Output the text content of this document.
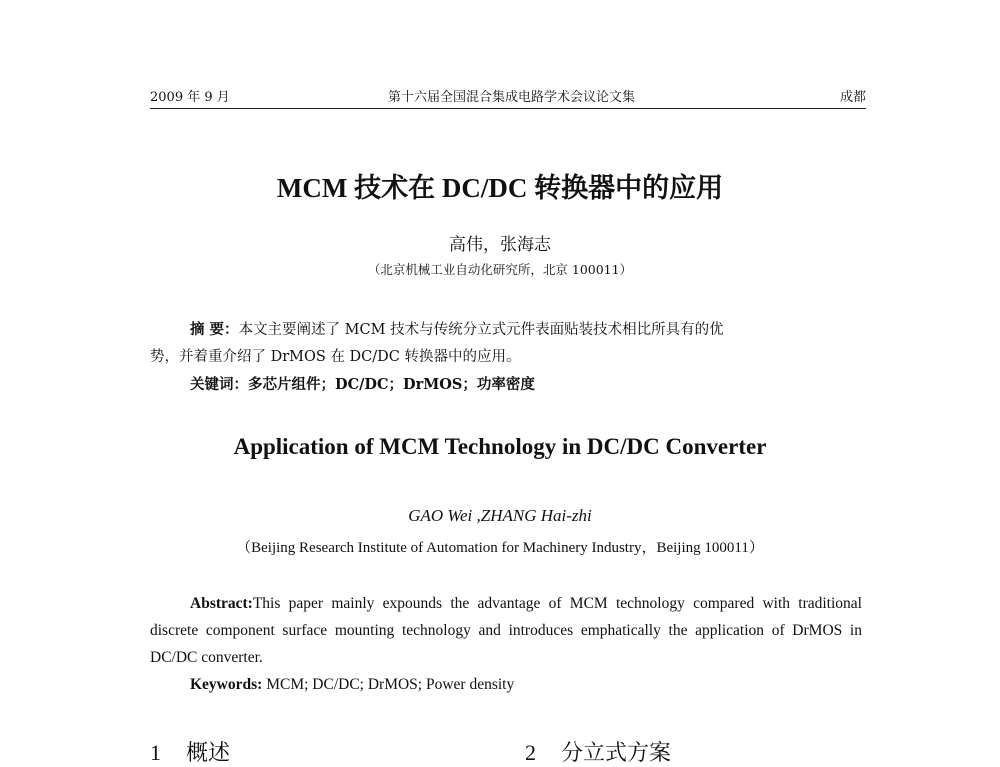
2009 年 9 月	第十六届全国混合集成电路学术会议论文集	成都
MCM 技术在 DC/DC 转换器中的应用
高伟，张海志
（北京机械工业自动化研究所，北京 100011）

摘 要：本文主要阐述了 MCM 技术与传统分立式元件表面贴装技术相比所具有的优

势，并着重介绍了 DrMOS 在 DC/DC 转换器中的应用。

关键词：多芯片组件；DC/DC；DrMOS；功率密度

Application of MCM Technology in DC/DC Converter
GAO Wei ,ZHANG Hai-zhi
（Beijing Research Institute of Automation for Machinery Industry，Beijing 100011）

Abstract:This paper mainly expounds the advantage of MCM technology compared with traditional discrete component surface mounting technology and introduces emphatically the application of DrMOS in DC/DC converter.

Keywords: MCM; DC/DC; DrMOS; Power density

1 概述	2 分立式方案
